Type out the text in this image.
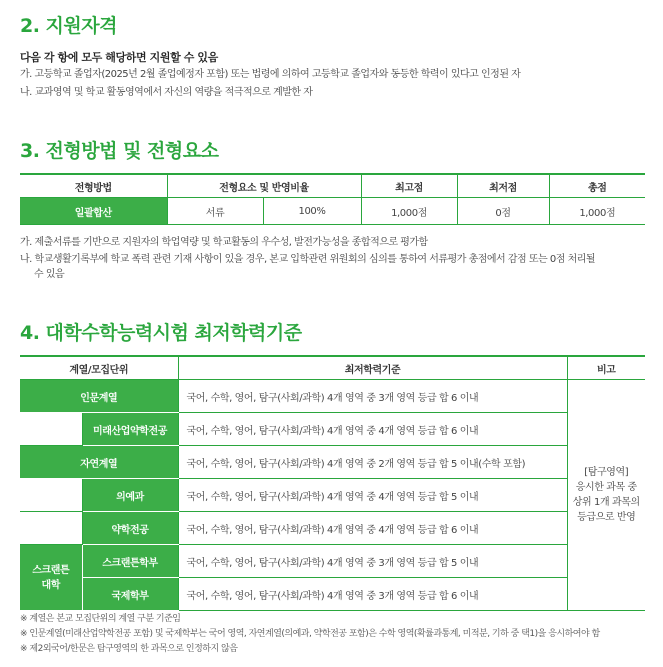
2. 지원자격
다음 각 항에 모두 해당하면 지원할 수 있음
가. 고등학교 졸업자(2025년 2월 졸업예정자 포함) 또는 법령에 의하여 고등학교 졸업자와 동등한 학력이 있다고 인정된 자
나. 교과영역 및 학교 활동영역에서 자신의 역량을 적극적으로 계발한 자
3. 전형방법 및 전형요소
전형방법	전형요소 및 반영비율		최고점	최저점	총점
일괄합산	서류	100%	1,000점	0점	1,000점
가. 제출서류를 기반으로 지원자의 학업역량 및 학교활동의 우수성, 발전가능성을 종합적으로 평가함
나. 학교생활기록부에 학교 폭력 관련 기재 사항이 있을 경우, 본교 입학관련 위원회의 심의를 통하여 서류평가 총점에서 감점 또는 0점 처리될
수 있음
4. 대학수학능력시험 최저학력기준
계열/모집단위		최저학력기준	비고
인문계열		국어, 수학, 영어, 탐구(사회/과학) 4개 영역 중 3개 영역 등급 합 6 이내	[탐구영역]
응시한 과목 중
상위 1개 과목의
등급으로 반영
	미래산업약학전공	국어, 수학, 영어, 탐구(사회/과학) 4개 영역 중 4개 영역 등급 합 6 이내	
자연계열		국어, 수학, 영어, 탐구(사회/과학) 4개 영역 중 2개 영역 등급 합 5 이내(수학 포함)	
	의예과	국어, 수학, 영어, 탐구(사회/과학) 4개 영역 중 4개 영역 등급 합 5 이내	
	약학전공	국어, 수학, 영어, 탐구(사회/과학) 4개 영역 중 4개 영역 등급 합 6 이내	
스크랜튼
대학	스크랜튼학부	국어, 수학, 영어, 탐구(사회/과학) 4개 영역 중 3개 영역 등급 합 5 이내	
	국제학부	국어, 수학, 영어, 탐구(사회/과학) 4개 영역 중 3개 영역 등급 합 6 이내	
※ 계열은 본교 모집단위의 계열 구분 기준임
※ 인문계열(미래산업약학전공 포함) 및 국제학부는 국어 영역, 자연계열(의예과, 약학전공 포함)은 수학 영역(확률과통계, 미적분, 기하 중 택1)을 응시하여야 함
※ 제2외국어/한문은 탐구영역의 한 과목으로 인정하지 않음
